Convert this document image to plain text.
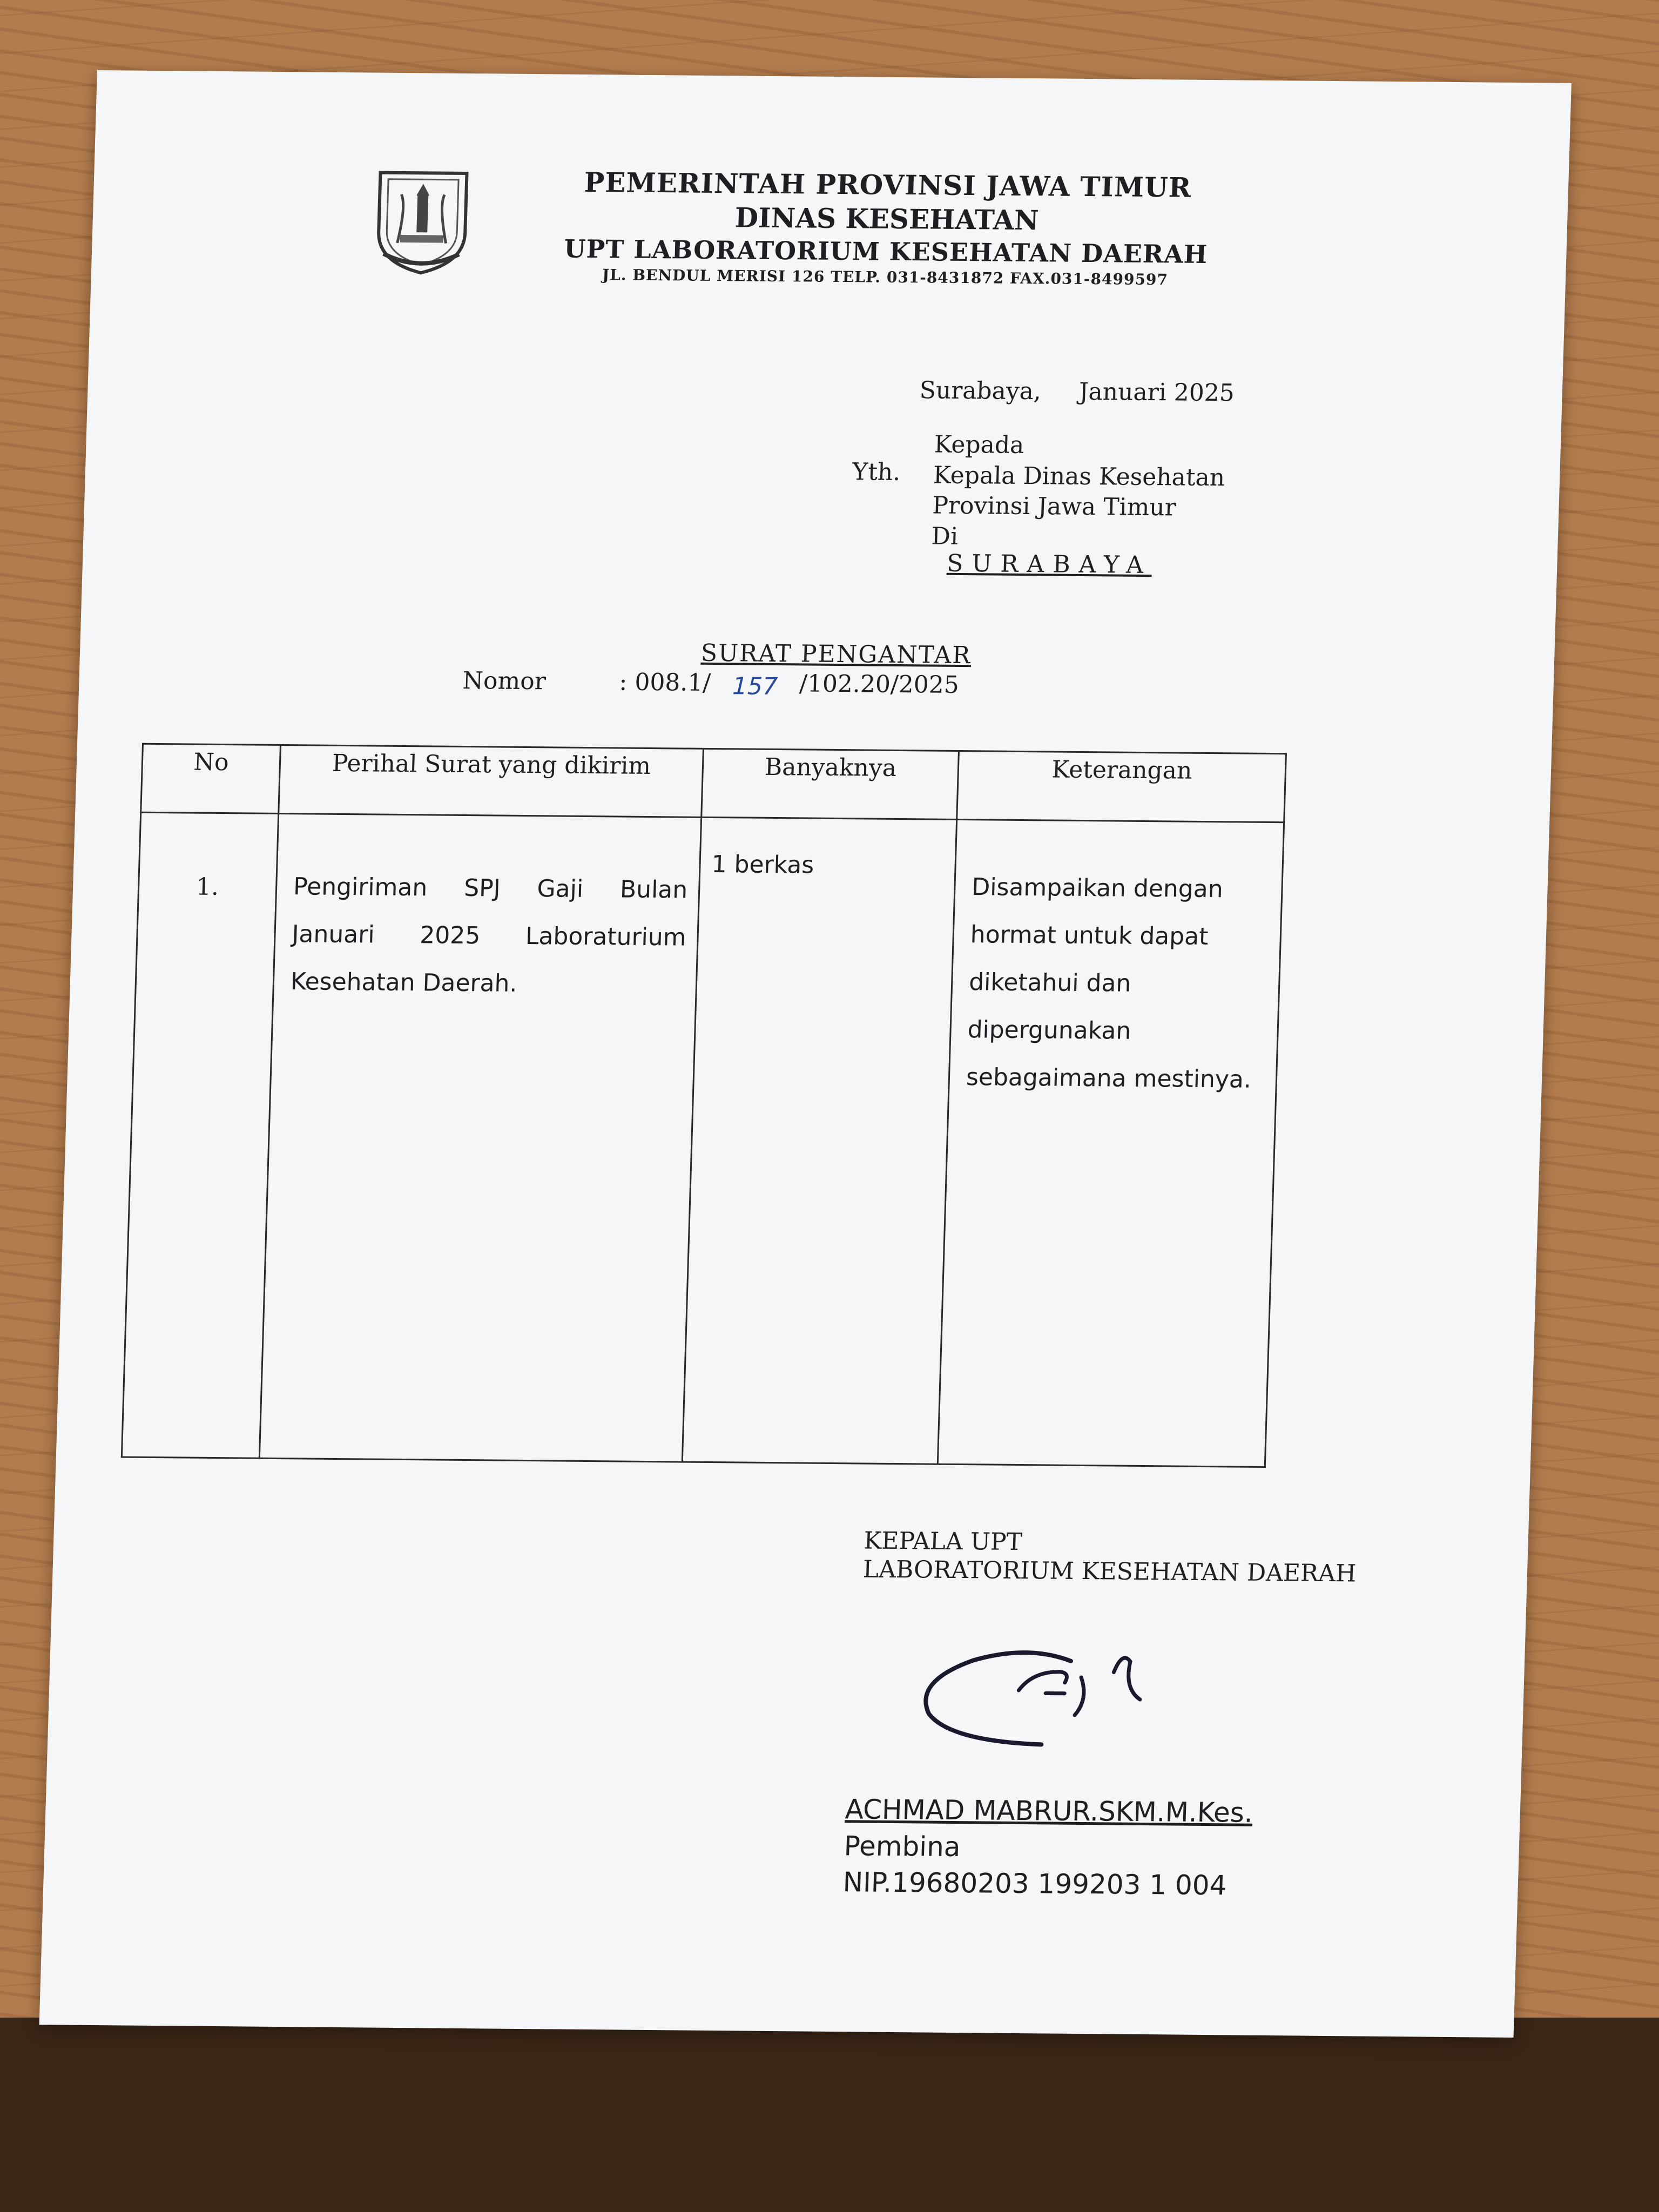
PEMERINTAH PROVINSI JAWA TIMUR
DINAS KESEHATAN
UPT LABORATORIUM KESEHATAN DAERAH
JL. BENDUL MERISI 126 TELP. 031-8431872 FAX.031-8499597
Surabaya, Januari 2025
Yth.
Kepada
Kepala Dinas Kesehatan
Provinsi Jawa Timur
Di
SURABAYA
SURAT PENGANTAR
Nomor	: 008.1/ 157 /102.20/2025
No	Perihal Surat yang dikirim	Banyaknya	Keterangan
1.	Pengiriman SPJ Gaji Bulan Januari 2025 Laboraturium Kesehatan Daerah.	1 berkas	Disampaikan dengan hormat untuk dapat diketahui dan dipergunakan sebagaimana mestinya.
KEPALA UPT
LABORATORIUM KESEHATAN DAERAH
ACHMAD MABRUR.SKM.M.Kes.
Pembina
NIP.19680203 199203 1 004
